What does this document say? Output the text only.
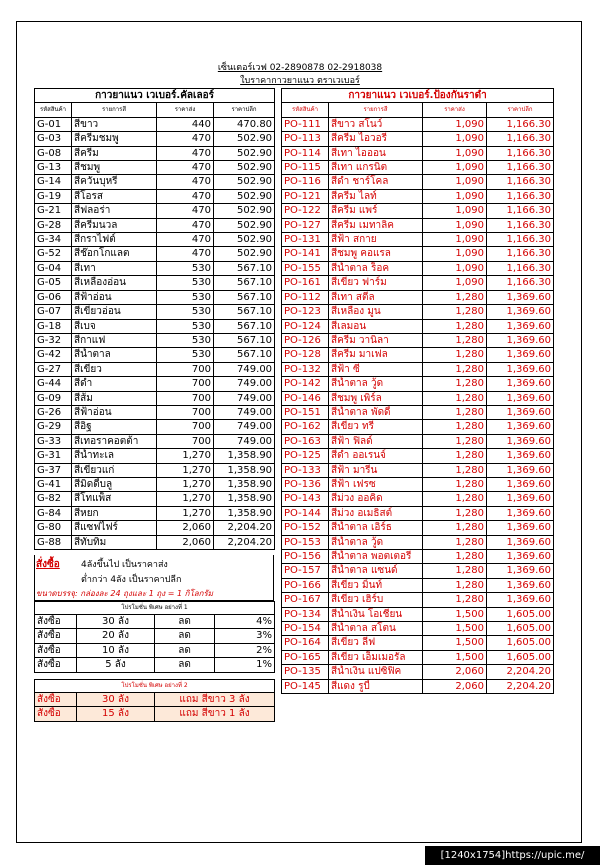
เซ็นเตอร์เวฟ 02-2890878 02-2918038
ใบราคากาวยาแนว ตราเวเบอร์
กาวยาแนว เวเบอร์.คัลเลอร์			
รหัสสินค้า	รายการสี	ราคาส่ง	ราคาปลีก
G-01	สีขาว	440	470.80
G-03	สีครีมชมพู	470	502.90
G-08	สีครีม	470	502.90
G-13	สีชมพู	470	502.90
G-14	สีควันบุหรี่	470	502.90
G-19	สีโอรส	470	502.90
G-21	สีฟลอร่า	470	502.90
G-28	สีครีมนวล	470	502.90
G-34	สีกราไฟต์	470	502.90
G-52	สีช๊อกโกแลต	470	502.90
G-04	สีเทา	530	567.10
G-05	สีเหลืองอ่อน	530	567.10
G-06	สีฟ้าอ่อน	530	567.10
G-07	สีเขียวอ่อน	530	567.10
G-18	สีเบจ	530	567.10
G-32	สีกาแฟ	530	567.10
G-42	สีน้ำตาล	530	567.10
G-27	สีเขียว	700	749.00
G-44	สีดำ	700	749.00
G-09	สีส้ม	700	749.00
G-26	สีฟ้าอ่อน	700	749.00
G-29	สีอิฐ	700	749.00
G-33	สีเทอราคอตต้า	700	749.00
G-31	สีน้ำทะเล	1,270	1,358.90
G-37	สีเขียวแก่	1,270	1,358.90
G-41	สีมิดดี้บลู	1,270	1,358.90
G-82	สีโทแพ็ส	1,270	1,358.90
G-84	สีหยก	1,270	1,358.90
G-80	สีแซฟไฟร์	2,060	2,204.20
G-88	สีทับทิม	2,060	2,204.20
กาวยาแนว เวเบอร์.ป้องกันราดำ			
รหัสสินค้า	รายการสี	ราคาส่ง	ราคาปลีก
PO-111	สีขาว สโนว์	1,090	1,166.30
PO-113	สีครีม ไอวอรี่	1,090	1,166.30
PO-114	สีเทา ไอออน	1,090	1,166.30
PO-115	สีเทา แกรนิต	1,090	1,166.30
PO-116	สีดำ ชาร์โคล	1,090	1,166.30
PO-121	สีครีม ไลท์	1,090	1,166.30
PO-122	สีครีม แพร์	1,090	1,166.30
PO-127	สีครีม เมทาลิค	1,090	1,166.30
PO-131	สีฟ้า สกาย	1,090	1,166.30
PO-141	สีชมพู คอแรล	1,090	1,166.30
PO-155	สีน้ำตาล ร็อค	1,090	1,166.30
PO-161	สีเขียว ฟาร์ม	1,090	1,166.30
PO-112	สีเทา สตีล	1,280	1,369.60
PO-123	สีเหลือง มูน	1,280	1,369.60
PO-124	สีเลมอน	1,280	1,369.60
PO-126	สีครีม วานิลา	1,280	1,369.60
PO-128	สีครีม มาเฟล	1,280	1,369.60
PO-132	สีฟ้า ซี	1,280	1,369.60
PO-142	สีน้ำตาล วู้ด	1,280	1,369.60
PO-146	สีชมพู เพิร์ล	1,280	1,369.60
PO-151	สีน้ำตาล พัดดี้	1,280	1,369.60
PO-162	สีเขียว ทรี	1,280	1,369.60
PO-163	สีฟ้า ฟิลด์	1,280	1,369.60
PO-125	สีดำ ออเรนจ์	1,280	1,369.60
PO-133	สีฟ้า มารีน	1,280	1,369.60
PO-136	สีฟ้า เฟรซ	1,280	1,369.60
PO-143	สีม่วง ออคิด	1,280	1,369.60
PO-144	สีม่วง อเมธิสต์	1,280	1,369.60
PO-152	สีน้ำตาล เอิร์ธ	1,280	1,369.60
PO-153	สีน้ำตาล วู้ด	1,280	1,369.60
PO-156	สีน้ำตาล พอตเตอรี่	1,280	1,369.60
PO-157	สีน้ำตาล แซนด์	1,280	1,369.60
PO-166	สีเขียว มิ้นท์	1,280	1,369.60
PO-167	สีเขียว เฮิร์บ	1,280	1,369.60
PO-134	สีน้ำเงิน โอเชี่ยน	1,500	1,605.00
PO-154	สีน้ำตาล สโตน	1,500	1,605.00
PO-164	สีเขียว ลีฟ	1,500	1,605.00
PO-165	สีเขียว เอ็มเมอรัล	1,500	1,605.00
PO-135	สีน้ำเงิน แปซิฟิค	2,060	2,204.20
PO-145	สีแดง รูบี้	2,060	2,204.20
สั่งซื้อ 4ลังขึ้นไป เป็นราคาส่ง
ต่ำกว่า 4ลัง เป็นราคาปลีก
ขนาดบรรจุ: กล่องละ 24 ถุงและ 1 ถุง = 1 กิโลกรัม
โปรโมชั่น พิเศษ อย่างที่ 1			
สั่งซื้อ	30 ลัง	ลด	4%
สั่งซื้อ	20 ลัง	ลด	3%
สั่งซื้อ	10 ลัง	ลด	2%
สั่งซื้อ	5 ลัง	ลด	1%
โปรโมชั่น พิเศษ อย่างที่ 2		
สั่งซื้อ	30 ลัง	แถม สีขาว 3 ลัง
สั่งซื้อ	15 ลัง	แถม สีขาว 1 ลัง
[1240x1754]https://upic.me/
